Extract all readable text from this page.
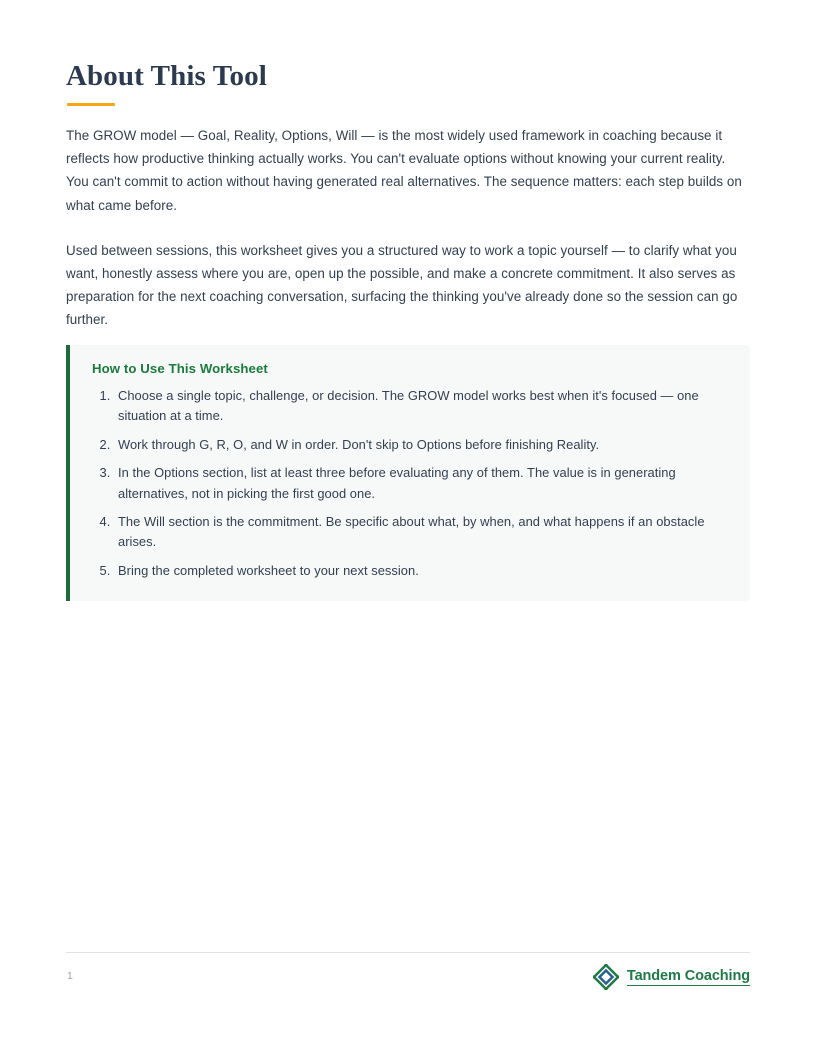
About This Tool

The GROW model — Goal, Reality, Options, Will — is the most widely used framework in coaching because it reflects how productive thinking actually works. You can't evaluate options without knowing your current reality. You can't commit to action without having generated real alternatives. The sequence matters: each step builds on what came before.

Used between sessions, this worksheet gives you a structured way to work a topic yourself — to clarify what you want, honestly assess where you are, open up the possible, and make a concrete commitment. It also serves as preparation for the next coaching conversation, surfacing the thinking you've already done so the session can go further.

How to Use This Worksheet
1. Choose a single topic, challenge, or decision. The GROW model works best when it's focused — one situation at a time.
2. Work through G, R, O, and W in order. Don't skip to Options before finishing Reality.
3. In the Options section, list at least three before evaluating any of them. The value is in generating alternatives, not in picking the first good one.
4. The Will section is the commitment. Be specific about what, by when, and what happens if an obstacle arises.
5. Bring the completed worksheet to your next session.
1	Tandem Coaching
